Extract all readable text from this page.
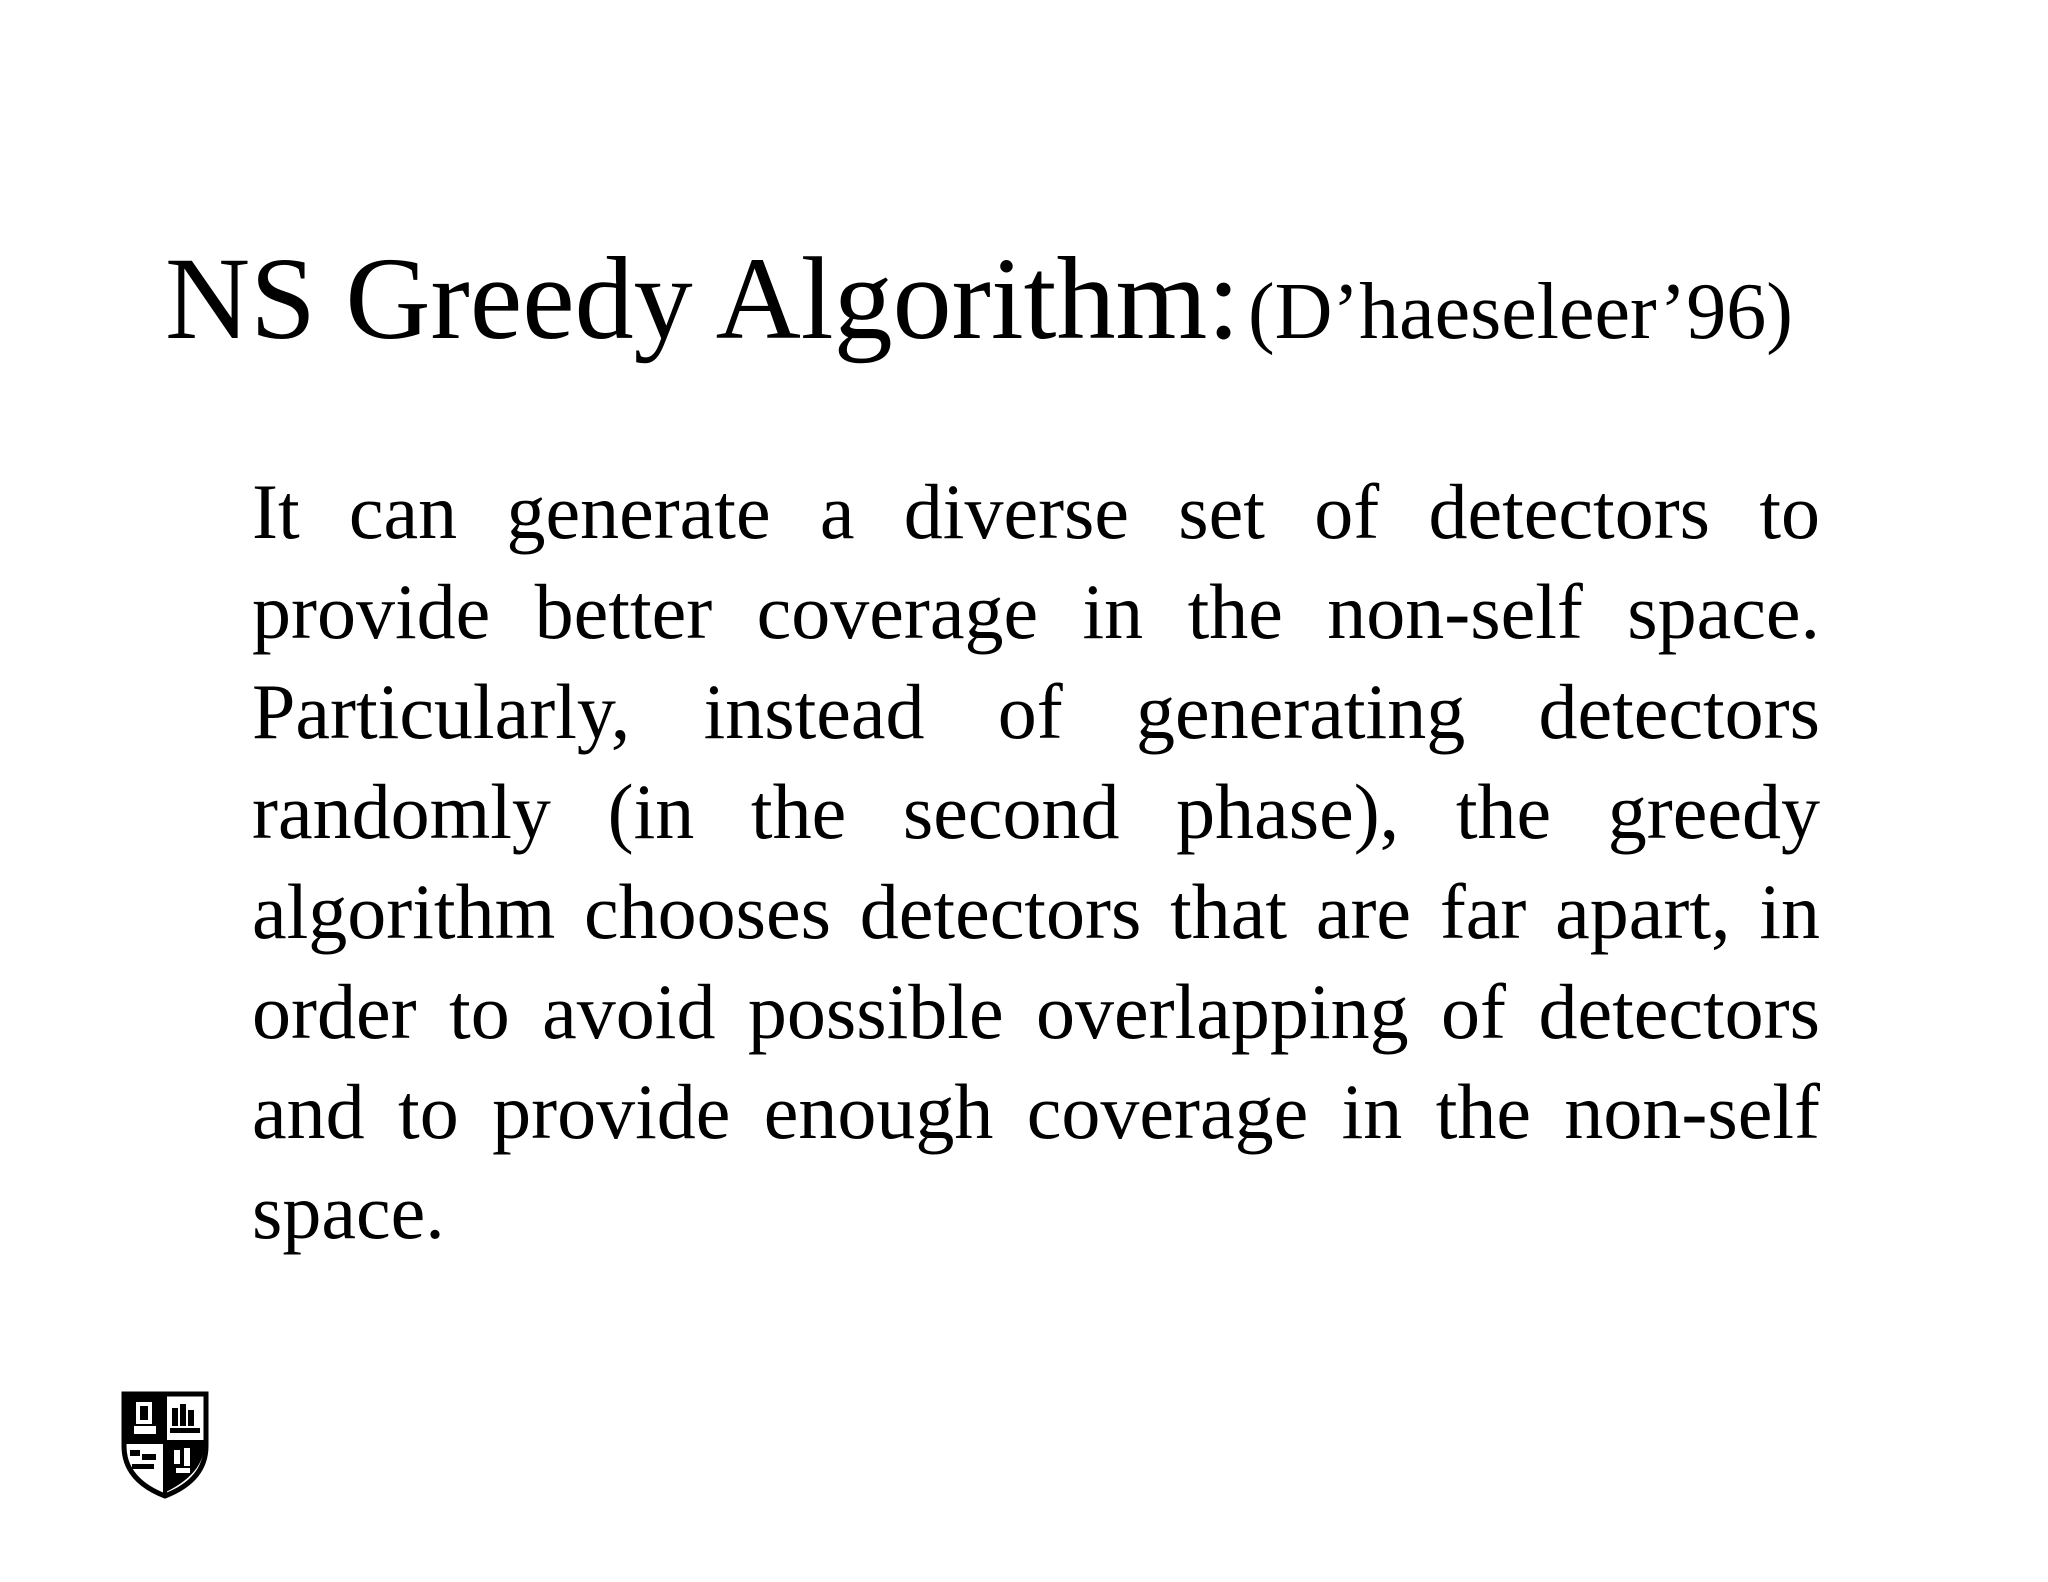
NS Greedy Algorithm: (D’haeseleer’96)

It can generate a diverse set of detectors to provide better coverage in the non-self space. Particularly, instead of generating detectors randomly (in the second phase), the greedy algorithm chooses detectors that are far apart, in order to avoid possible overlapping of detectors and to provide enough coverage in the non-self space.
